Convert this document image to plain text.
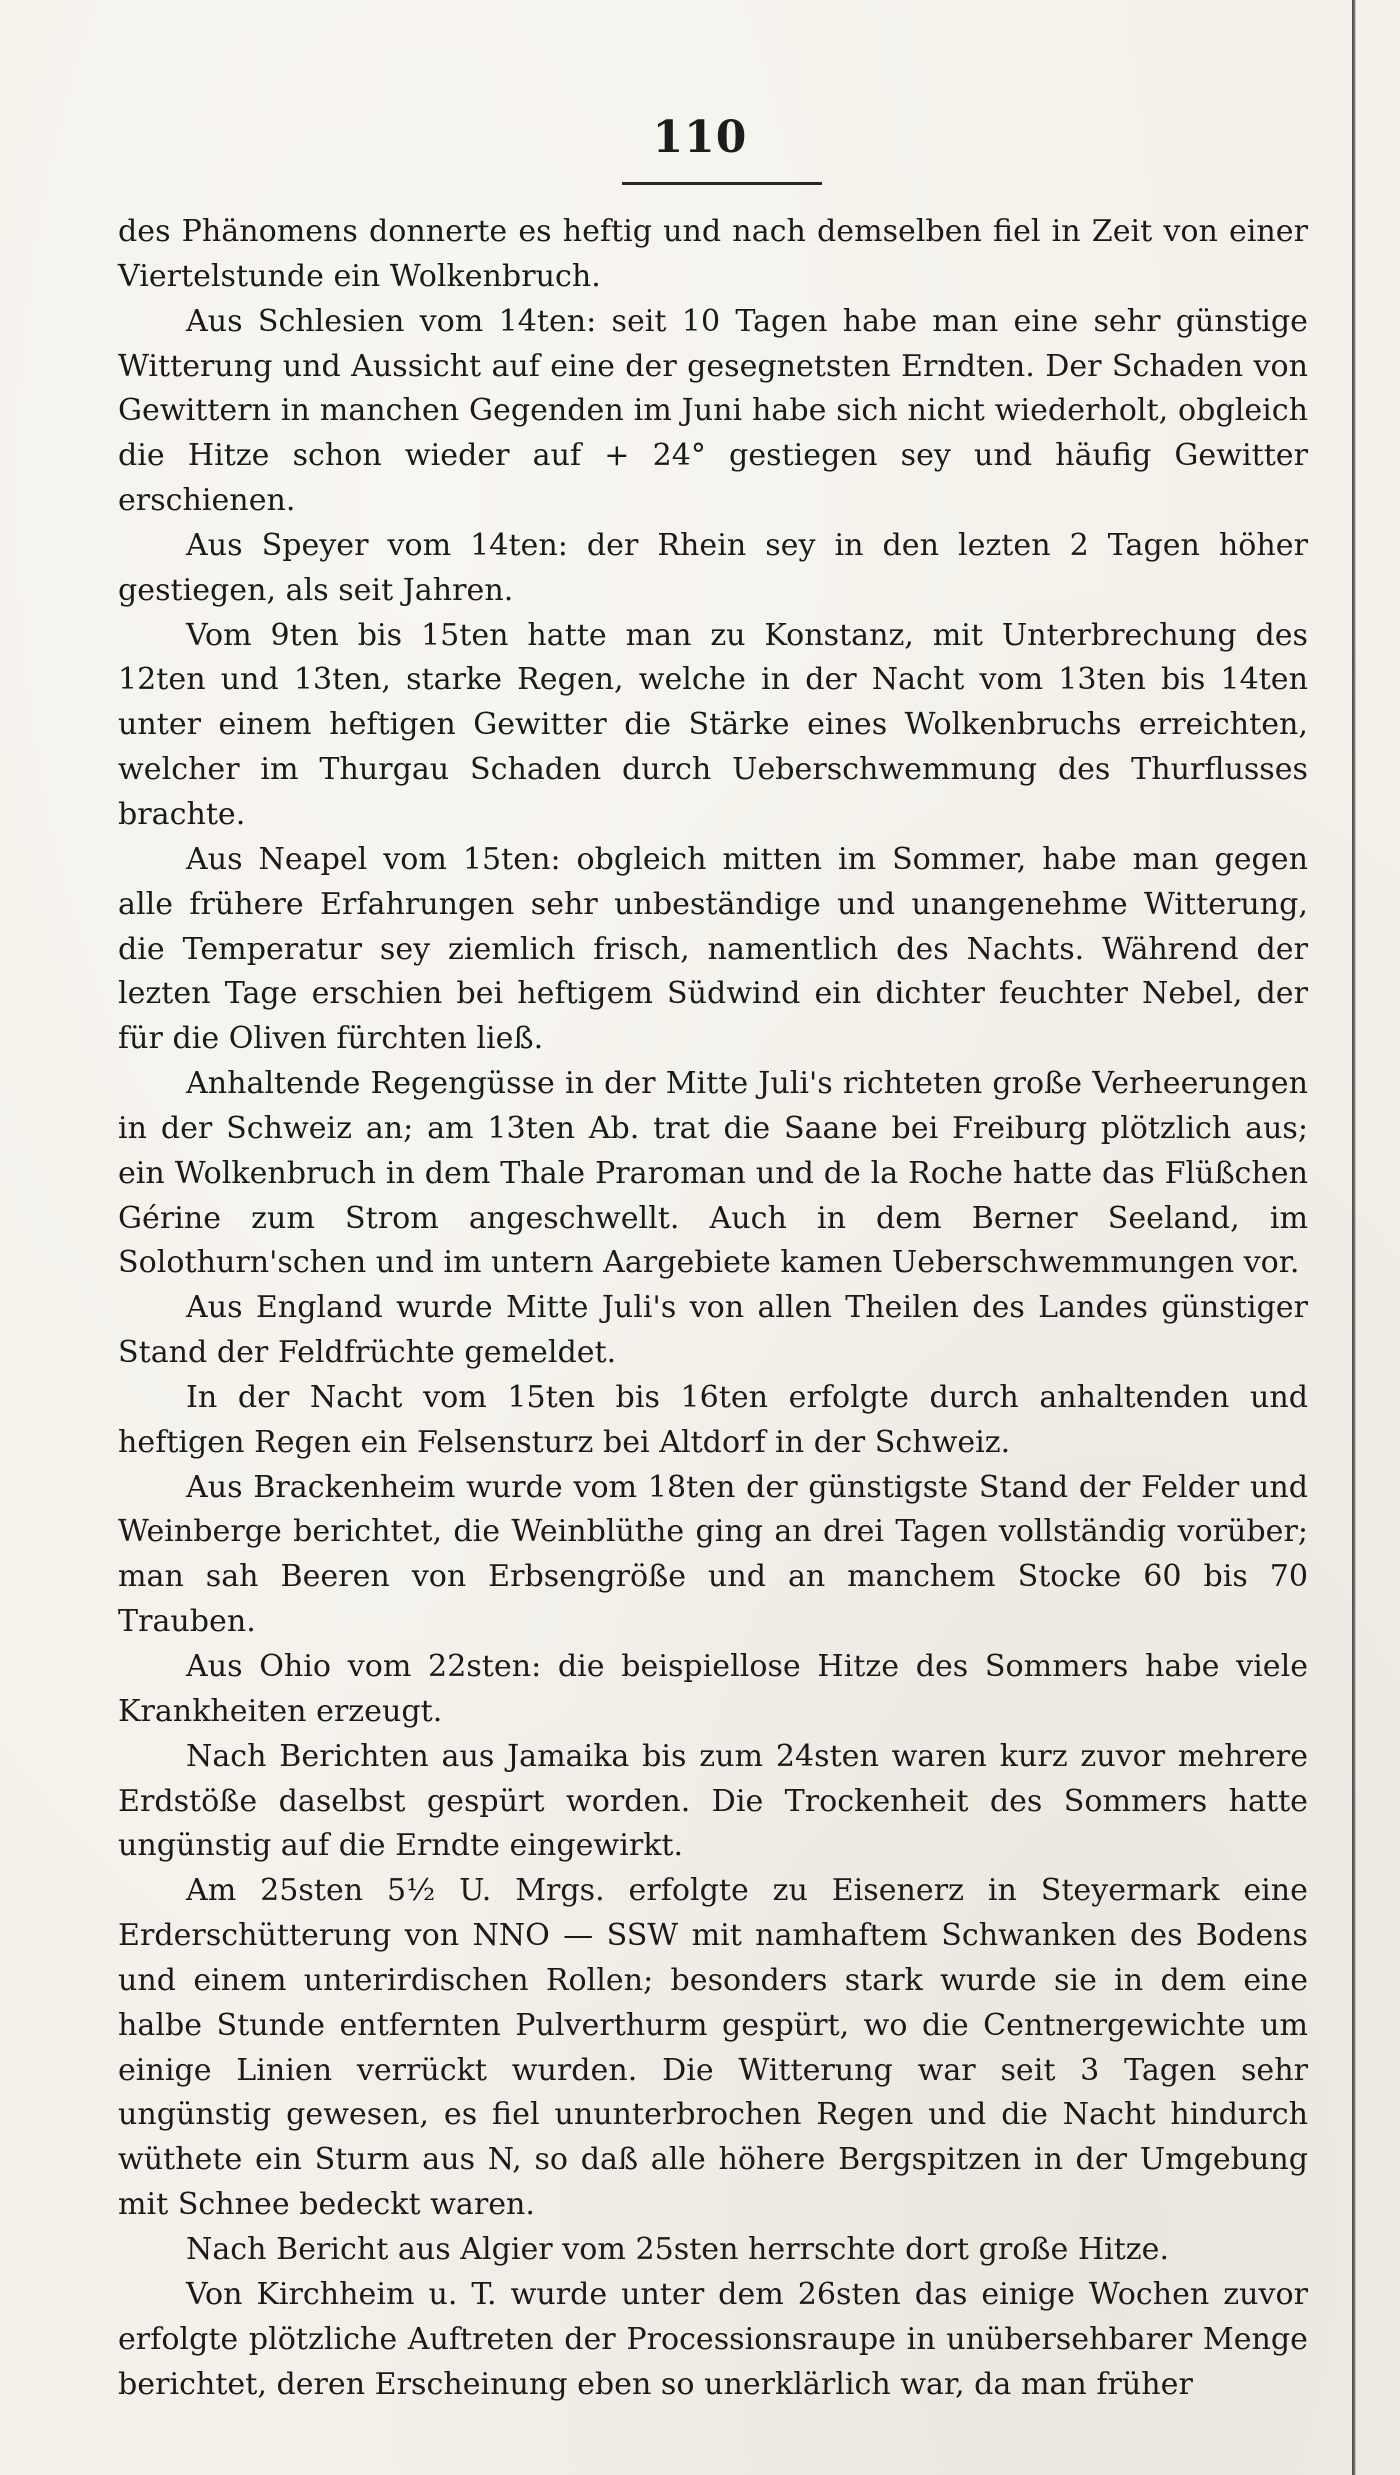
110

des Phänomens donnerte es heftig und nach demselben fiel in Zeit von einer Viertelstunde ein Wolkenbruch.

Aus Schlesien vom 14ten: seit 10 Tagen habe man eine sehr günstige Witterung und Aussicht auf eine der gesegnetsten Erndten. Der Schaden von Gewittern in manchen Gegenden im Juni habe sich nicht wiederholt, obgleich die Hitze schon wieder auf + 24° gestiegen sey und häufig Gewitter erschienen.

Aus Speyer vom 14ten: der Rhein sey in den lezten 2 Tagen höher gestiegen, als seit Jahren.

Vom 9ten bis 15ten hatte man zu Konstanz, mit Unterbrechung des 12ten und 13ten, starke Regen, welche in der Nacht vom 13ten bis 14ten unter einem heftigen Gewitter die Stärke eines Wolkenbruchs erreichten, welcher im Thurgau Schaden durch Ueberschwemmung des Thurflusses brachte.

Aus Neapel vom 15ten: obgleich mitten im Sommer, habe man gegen alle frühere Erfahrungen sehr unbeständige und unangenehme Witterung, die Temperatur sey ziemlich frisch, namentlich des Nachts. Während der lezten Tage erschien bei heftigem Südwind ein dichter feuchter Nebel, der für die Oliven fürchten ließ.

Anhaltende Regengüsse in der Mitte Juli's richteten große Verheerungen in der Schweiz an; am 13ten Ab. trat die Saane bei Freiburg plötzlich aus; ein Wolkenbruch in dem Thale Praroman und de la Roche hatte das Flüßchen Gérine zum Strom angeschwellt. Auch in dem Berner Seeland, im Solothurn'schen und im untern Aargebiete kamen Ueberschwemmungen vor.

Aus England wurde Mitte Juli's von allen Theilen des Landes günstiger Stand der Feldfrüchte gemeldet.

In der Nacht vom 15ten bis 16ten erfolgte durch anhaltenden und heftigen Regen ein Felsensturz bei Altdorf in der Schweiz.

Aus Brackenheim wurde vom 18ten der günstigste Stand der Felder und Weinberge berichtet, die Weinblüthe ging an drei Tagen vollständig vorüber; man sah Beeren von Erbsengröße und an manchem Stocke 60 bis 70 Trauben.

Aus Ohio vom 22sten: die beispiellose Hitze des Sommers habe viele Krankheiten erzeugt.

Nach Berichten aus Jamaika bis zum 24sten waren kurz zuvor mehrere Erdstöße daselbst gespürt worden. Die Trockenheit des Sommers hatte ungünstig auf die Erndte eingewirkt.

Am 25sten 5½ U. Mrgs. erfolgte zu Eisenerz in Steyermark eine Erderschütterung von NNO — SSW mit namhaftem Schwanken des Bodens und einem unterirdischen Rollen; besonders stark wurde sie in dem eine halbe Stunde entfernten Pulverthurm gespürt, wo die Centnergewichte um einige Linien verrückt wurden. Die Witterung war seit 3 Tagen sehr ungünstig gewesen, es fiel ununterbrochen Regen und die Nacht hindurch wüthete ein Sturm aus N, so daß alle höhere Bergspitzen in der Umgebung mit Schnee bedeckt waren.

Nach Bericht aus Algier vom 25sten herrschte dort große Hitze.

Von Kirchheim u. T. wurde unter dem 26sten das einige Wochen zuvor erfolgte plötzliche Auftreten der Processionsraupe in unübersehbarer Menge berichtet, deren Erscheinung eben so unerklärlich war, da man früher
